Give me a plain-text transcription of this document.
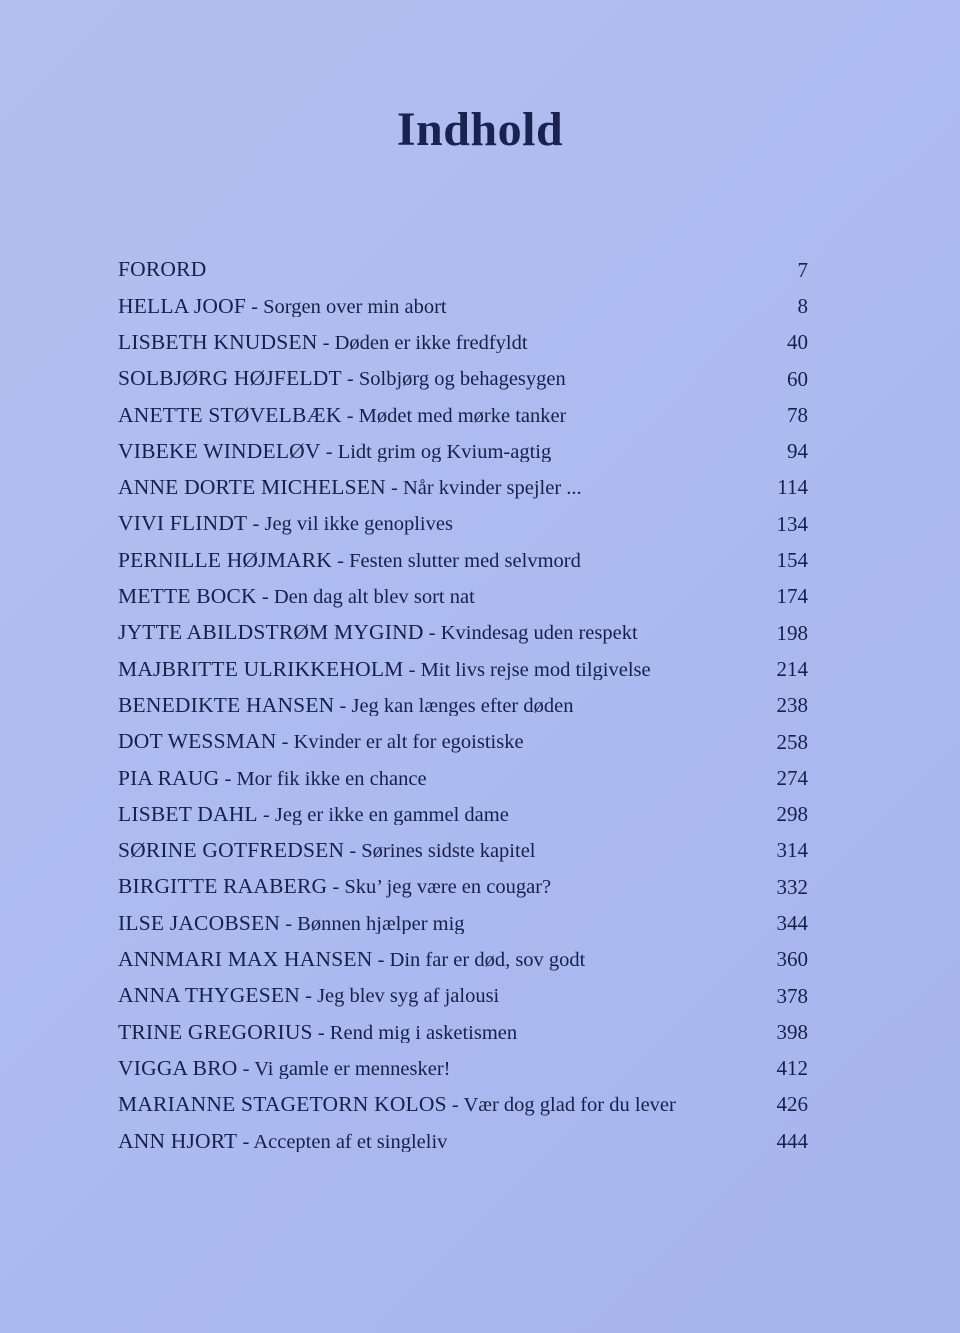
Indhold
FORORD	7
HELLA JOOF - Sorgen over min abort	8
LISBETH KNUDSEN - Døden er ikke fredfyldt	40
SOLBJØRG HØJFELDT - Solbjørg og behagesygen	60
ANETTE STØVELBÆK - Mødet med mørke tanker	78
VIBEKE WINDELØV - Lidt grim og Kvium-agtig	94
ANNE DORTE MICHELSEN - Når kvinder spejler ...	114
VIVI FLINDT - Jeg vil ikke genoplives	134
PERNILLE HØJMARK - Festen slutter med selvmord	154
METTE BOCK - Den dag alt blev sort nat	174
JYTTE ABILDSTRØM MYGIND - Kvindesag uden respekt	198
MAJBRITTE ULRIKKEHOLM - Mit livs rejse mod tilgivelse	214
BENEDIKTE HANSEN - Jeg kan længes efter døden	238
DOT WESSMAN - Kvinder er alt for egoistiske	258
PIA RAUG - Mor fik ikke en chance	274
LISBET DAHL - Jeg er ikke en gammel dame	298
SØRINE GOTFREDSEN - Sørines sidste kapitel	314
BIRGITTE RAABERG - Sku’ jeg være en cougar?	332
ILSE JACOBSEN - Bønnen hjælper mig	344
ANNMARI MAX HANSEN - Din far er død, sov godt	360
ANNA THYGESEN - Jeg blev syg af jalousi	378
TRINE GREGORIUS - Rend mig i asketismen	398
VIGGA BRO - Vi gamle er mennesker!	412
MARIANNE STAGETORN KOLOS - Vær dog glad for du lever	426
ANN HJORT - Accepten af et singleliv	444
